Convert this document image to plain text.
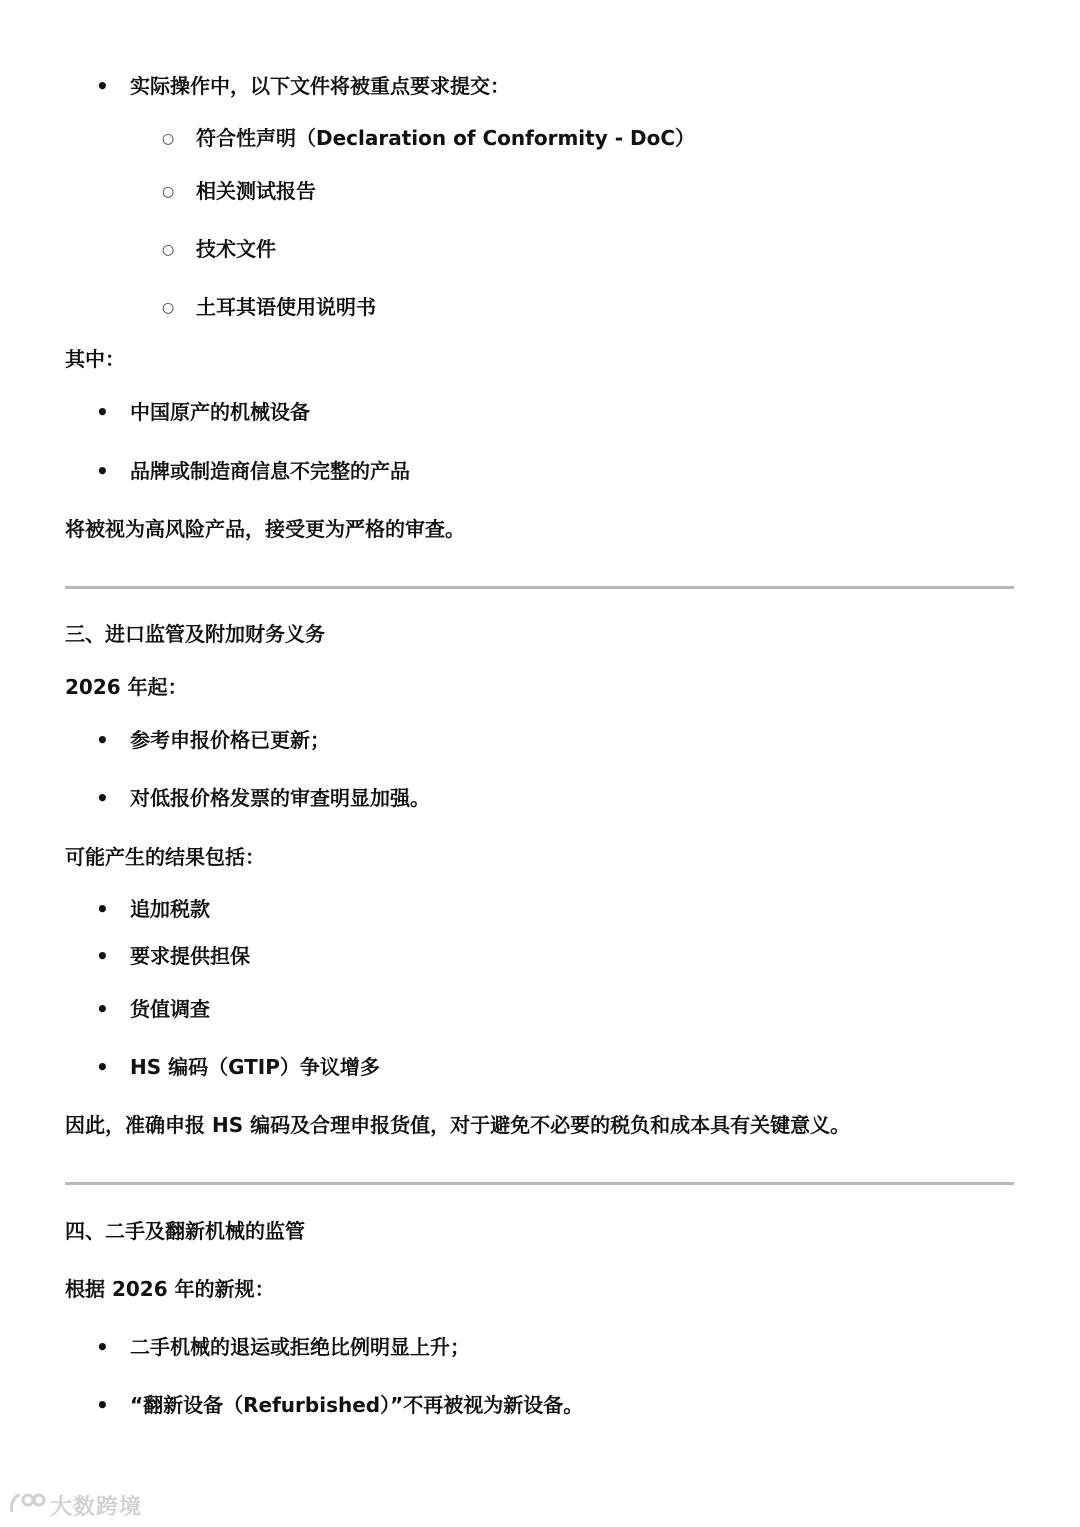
• 实际操作中，以下文件将被重点要求提交：
○ 符合性声明（Declaration of Conformity - DoC）
○ 相关测试报告
○ 技术文件
○ 土耳其语使用说明书
其中：
• 中国原产的机械设备
• 品牌或制造商信息不完整的产品
将被视为高风险产品，接受更为严格的审查。
三、进口监管及附加财务义务
2026 年起：
• 参考申报价格已更新；
• 对低报价格发票的审查明显加强。
可能产生的结果包括：
• 追加税款
• 要求提供担保
• 货值调查
• HS 编码（GTIP）争议增多
因此，准确申报 HS 编码及合理申报货值，对于避免不必要的税负和成本具有关键意义。
四、二手及翻新机械的监管
根据 2026 年的新规：
• 二手机械的退运或拒绝比例明显上升；
• “翻新设备（Refurbished）”不再被视为新设备。
大数跨境
